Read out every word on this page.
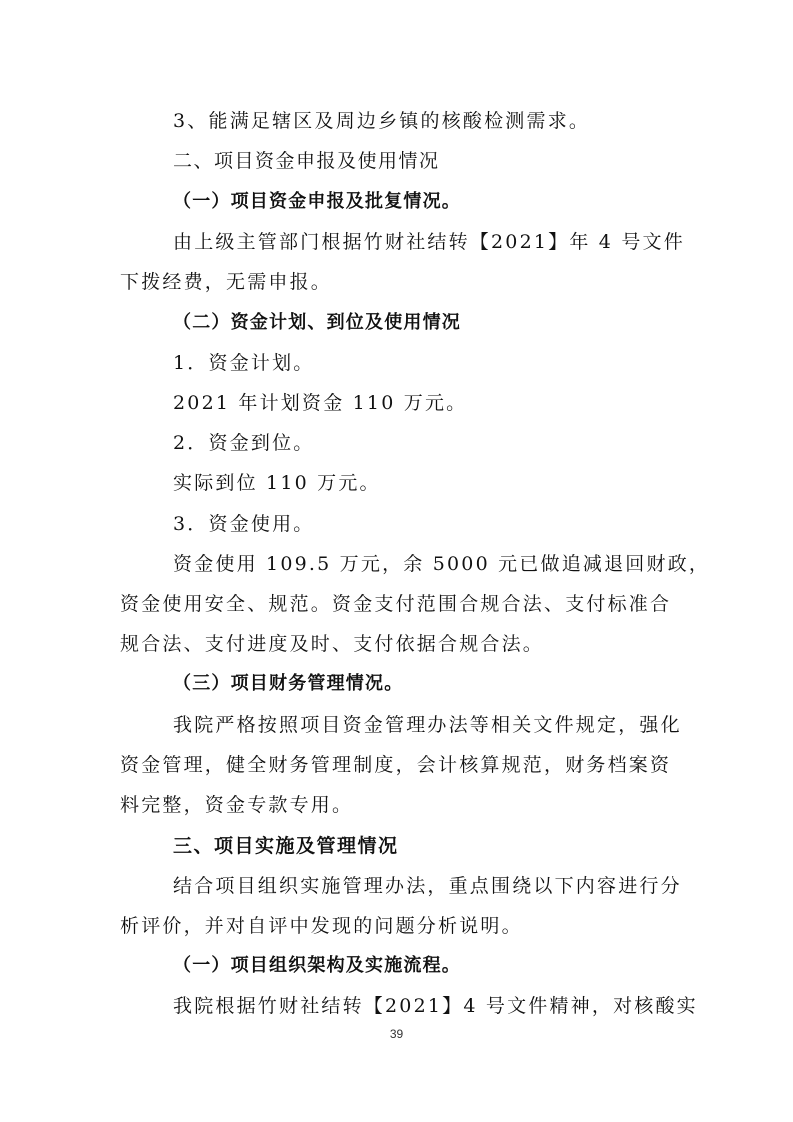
3、能满足辖区及周边乡镇的核酸检测需求。
二、项目资金申报及使用情况
（一）项目资金申报及批复情况。
由上级主管部门根据竹财社结转【2021】年 4 号文件
下拨经费，无需申报。
（二）资金计划、到位及使用情况
1．资金计划。
2021 年计划资金 110 万元。
2．资金到位。
实际到位 110 万元。
3．资金使用。
资金使用 109.5 万元，余 5000 元已做追减退回财政，
资金使用安全、规范。资金支付范围合规合法、支付标准合
规合法、支付进度及时、支付依据合规合法。
（三）项目财务管理情况。
我院严格按照项目资金管理办法等相关文件规定，强化
资金管理，健全财务管理制度，会计核算规范，财务档案资
料完整，资金专款专用。
三、项目实施及管理情况
结合项目组织实施管理办法，重点围绕以下内容进行分
析评价，并对自评中发现的问题分析说明。
（一）项目组织架构及实施流程。
我院根据竹财社结转【2021】4 号文件精神，对核酸实
39
